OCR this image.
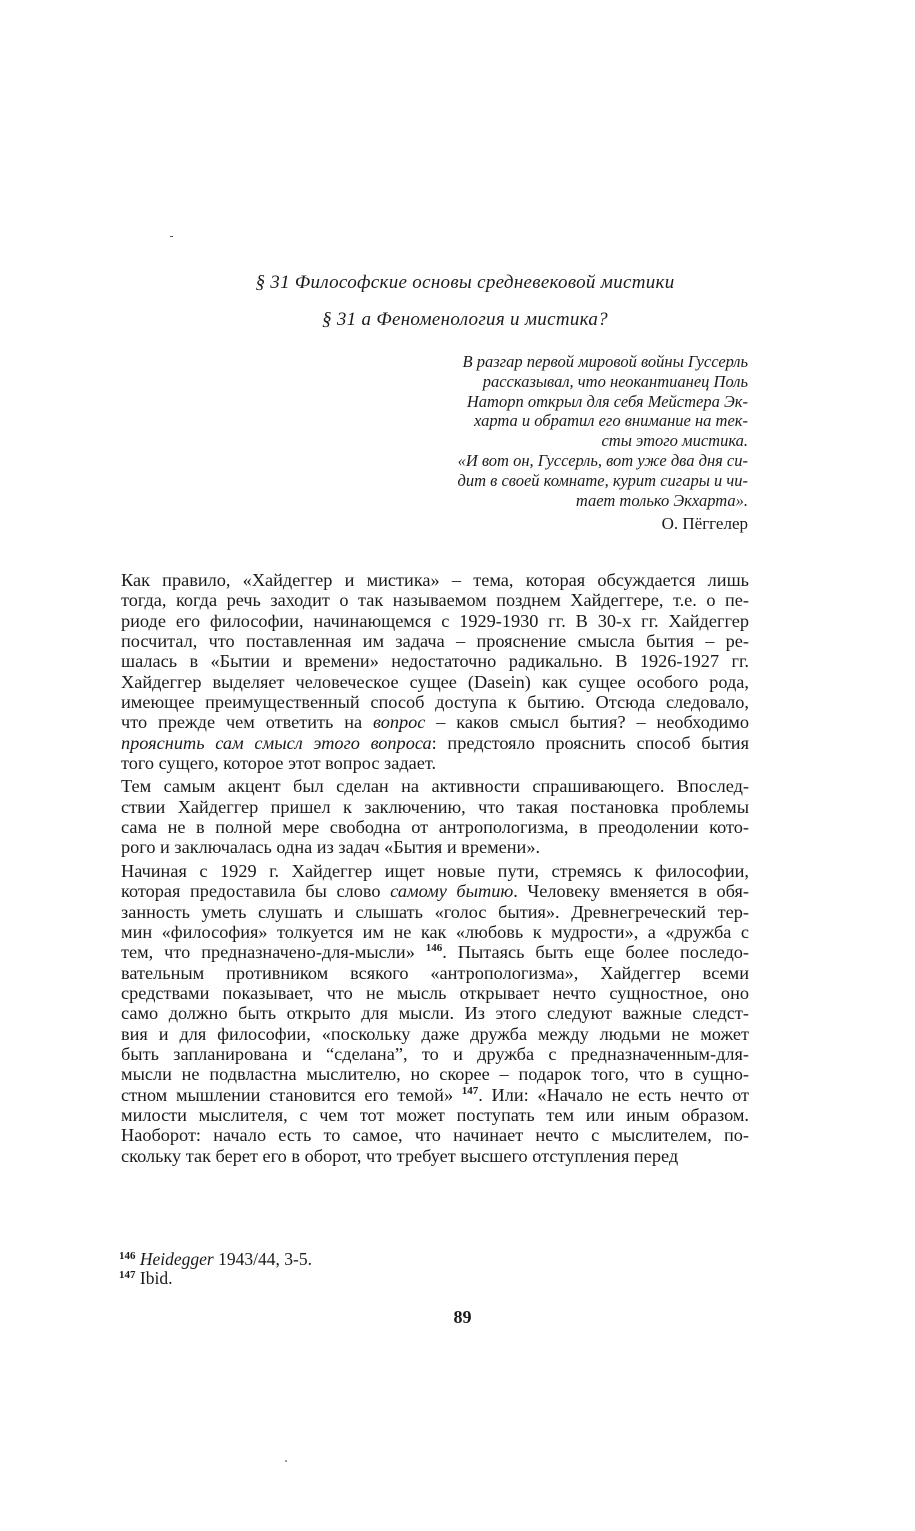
§ 31 Философские основы средневековой мистики
§ 31 a Феноменология и мистика?
В разгар первой мировой войны Гуссерль
рассказывал, что неокантианец Поль
Наторп открыл для себя Мейстера Эк-
харта и обратил его внимание на тек-
сты этого мистика.
«И вот он, Гуссерль, вот уже два дня си-
дит в своей комнате, курит сигары и чи-
тает только Экхарта».
О. Пёггелер
Как правило, «Хайдеггер и мистика» – тема, которая обсуждается лишь
тогда, когда речь заходит о так называемом позднем Хайдеггере, т.е. о пе-
риоде его философии, начинающемся с 1929-1930 гг. В 30-х гг. Хайдеггер
посчитал, что поставленная им задача – прояснение смысла бытия – ре-
шалась в «Бытии и времени» недостаточно радикально. В 1926-1927 гг.
Хайдеггер выделяет человеческое сущее (Dasein) как сущее особого рода,
имеющее преимущественный способ доступа к бытию. Отсюда следовало,
что прежде чем ответить на вопрос – каков смысл бытия? – необходимо
прояснить сам смысл этого вопроса: предстояло прояснить способ бытия
того сущего, которое этот вопрос задает.
Тем самым акцент был сделан на активности спрашивающего. Впослед-
ствии Хайдеггер пришел к заключению, что такая постановка проблемы
сама не в полной мере свободна от антропологизма, в преодолении кото-
рого и заключалась одна из задач «Бытия и времени».
Начиная с 1929 г. Хайдеггер ищет новые пути, стремясь к философии,
которая предоставила бы слово самому бытию. Человеку вменяется в обя-
занность уметь слушать и слышать «голос бытия». Древнегреческий тер-
мин «философия» толкуется им не как «любовь к мудрости», а «дружба с
тем, что предназначено-для-мысли» $^{146}$. Пытаясь быть еще более последо-
вательным противником всякого «антропологизма», Хайдеггер всеми
средствами показывает, что не мысль открывает нечто сущностное, оно
само должно быть открыто для мысли. Из этого следуют важные следст-
вия и для философии, «поскольку даже дружба между людьми не может
быть запланирована и “сделана”, то и дружба с предназначенным-для-
мысли не подвластна мыслителю, но скорее – подарок того, что в сущно-
стном мышлении становится его темой» $^{147}$. Или: «Начало не есть нечто от
милости мыслителя, с чем тот может поступать тем или иным образом.
Наоборот: начало есть то самое, что начинает нечто с мыслителем, по-
скольку так берет его в оборот, что требует высшего отступления перед
$^{146}$ Heidegger 1943/44, 3-5.
$^{147}$ Ibid.
89
